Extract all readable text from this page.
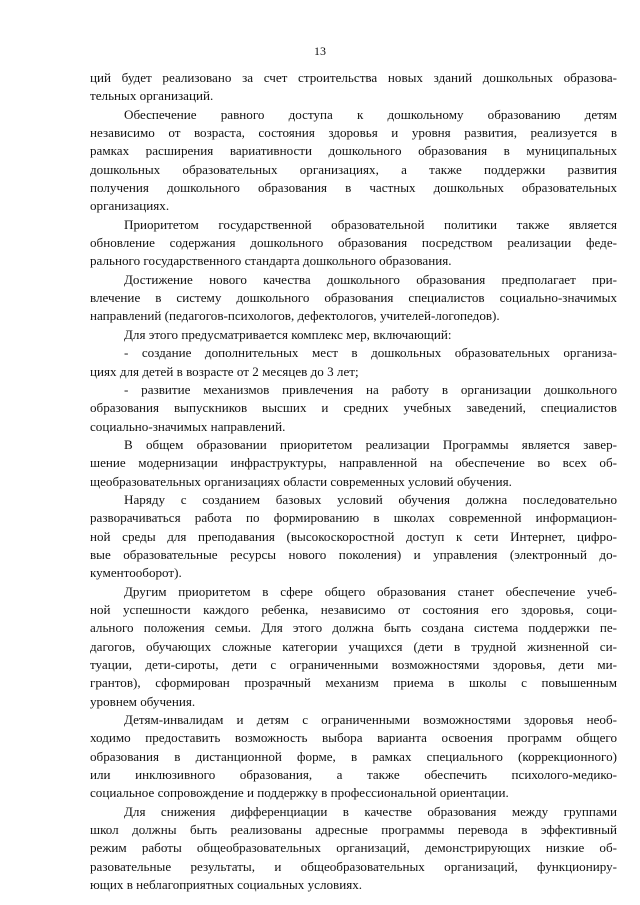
13
ций будет реализовано за счет строительства новых зданий дошкольных образова-
тельных организаций.
Обеспечение равного доступа к дошкольному образованию детям
независимо от возраста, состояния здоровья и уровня развития, реализуется в
рамках расширения вариативности дошкольного образования в муниципальных
дошкольных образовательных организациях, а также поддержки развития
получения дошкольного образования в частных дошкольных образовательных
организациях.
Приоритетом государственной образовательной политики также является
обновление содержания дошкольного образования посредством реализации феде-
рального государственного стандарта дошкольного образования.
Достижение нового качества дошкольного образования предполагает при-
влечение в систему дошкольного образования специалистов социально-значимых
направлений (педагогов-психологов, дефектологов, учителей-логопедов).
Для этого предусматривается комплекс мер, включающий:
- создание дополнительных мест в дошкольных образовательных организа-
циях для детей в возрасте от 2 месяцев до 3 лет;
- развитие механизмов привлечения на работу в организации дошкольного
образования выпускников высших и средних учебных заведений, специалистов
социально-значимых направлений.
В общем образовании приоритетом реализации Программы является завер-
шение модернизации инфраструктуры, направленной на обеспечение во всех об-
щеобразовательных организациях области современных условий обучения.
Наряду с созданием базовых условий обучения должна последовательно
разворачиваться работа по формированию в школах современной информацион-
ной среды для преподавания (высокоскоростной доступ к сети Интернет, цифро-
вые образовательные ресурсы нового поколения) и управления (электронный до-
кументооборот).
Другим приоритетом в сфере общего образования станет обеспечение учеб-
ной успешности каждого ребенка, независимо от состояния его здоровья, соци-
ального положения семьи. Для этого должна быть создана система поддержки пе-
дагогов, обучающих сложные категории учащихся (дети в трудной жизненной си-
туации, дети-сироты, дети с ограниченными возможностями здоровья, дети ми-
грантов), сформирован прозрачный механизм приема в школы с повышенным
уровнем обучения.
Детям-инвалидам и детям с ограниченными возможностями здоровья необ-
ходимо предоставить возможность выбора варианта освоения программ общего
образования в дистанционной форме, в рамках специального (коррекционного)
или инклюзивного образования, а также обеспечить психолого-медико-
социальное сопровождение и поддержку в профессиональной ориентации.
Для снижения дифференциации в качестве образования между группами
школ должны быть реализованы адресные программы перевода в эффективный
режим работы общеобразовательных организаций, демонстрирующих низкие об-
разовательные результаты, и общеобразовательных организаций, функциониру-
ющих в неблагоприятных социальных условиях.
